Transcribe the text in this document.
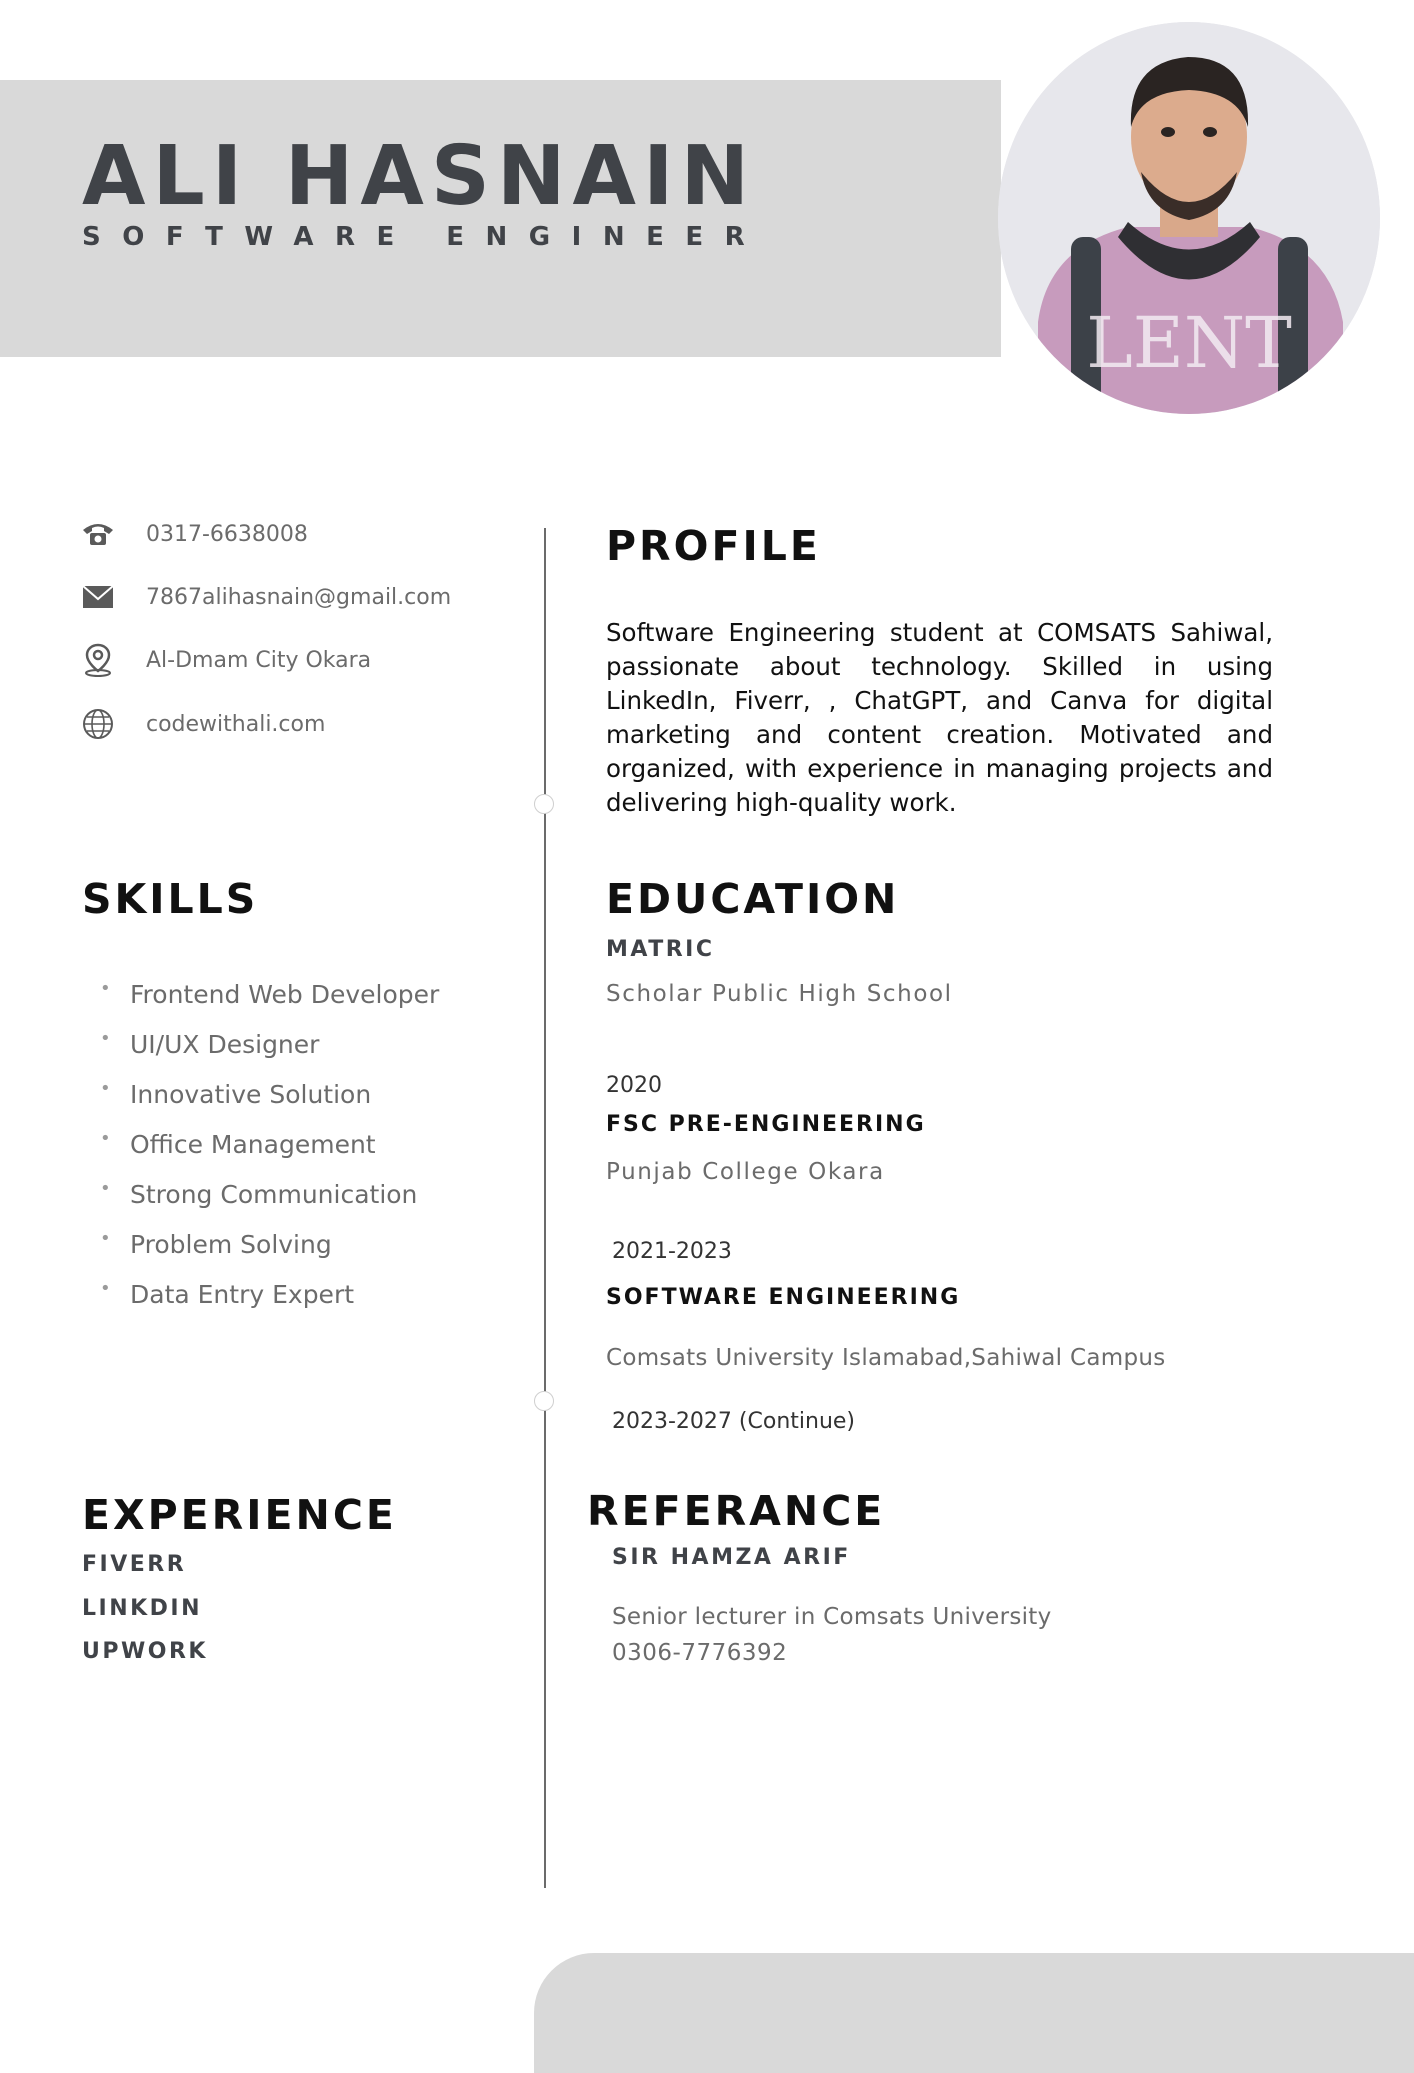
ALI HASNAIN
SOFTWARE ENGINEER
LENT
0317-6638008
7867alihasnain@gmail.com
Al-Dmam City Okara
codewithali.com
PROFILE
Software Engineering student at COMSATS Sahiwal, passionate about technology. Skilled in using LinkedIn, Fiverr, , ChatGPT, and Canva for digital marketing and content creation. Motivated and organized, with experience in managing projects and delivering high-quality work.
SKILLS
• Frontend Web Developer
• UI/UX Designer
• Innovative Solution
• Office Management
• Strong Communication
• Problem Solving
• Data Entry Expert
EDUCATION
MATRIC
Scholar Public High School
2020
FSC PRE-ENGINEERING
Punjab College Okara
2021-2023
SOFTWARE ENGINEERING
Comsats University Islamabad,Sahiwal Campus
2023-2027 (Continue)
EXPERIENCE
FIVERR
LINKDIN
UPWORK
REFERANCE
SIR HAMZA ARIF
Senior lecturer in Comsats University
0306-7776392
